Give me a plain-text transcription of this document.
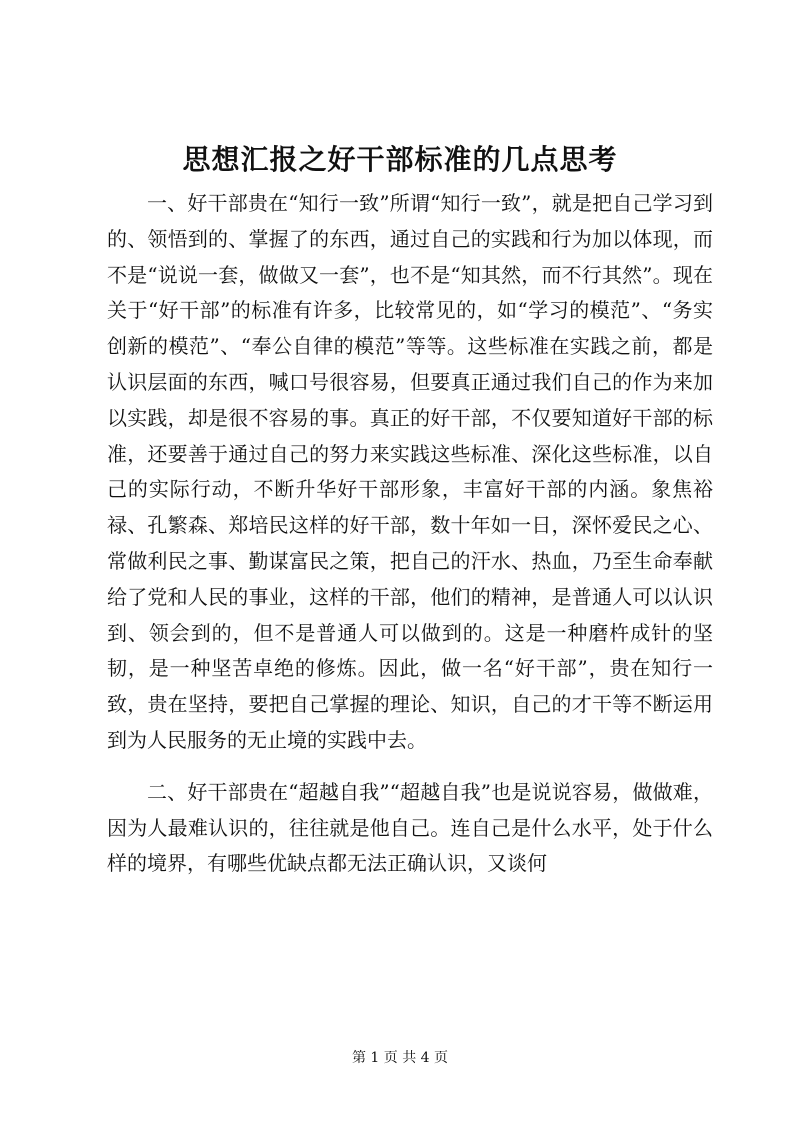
思想汇报之好干部标准的几点思考

一、好干部贵在“知行一致”所谓“知行一致”，就是把自己学习到的、领悟到的、掌握了的东西，通过自己的实践和行为加以体现，而不是“说说一套，做做又一套”，也不是“知其然，而不行其然”。现在关于“好干部”的标准有许多，比较常见的，如“学习的模范”、“务实创新的模范”、“奉公自律的模范”等等。这些标准在实践之前，都是认识层面的东西，喊口号很容易，但要真正通过我们自己的作为来加以实践，却是很不容易的事。真正的好干部，不仅要知道好干部的标准，还要善于通过自己的努力来实践这些标准、深化这些标准，以自己的实际行动，不断升华好干部形象，丰富好干部的内涵。象焦裕禄、孔繁森、郑培民这样的好干部，数十年如一日，深怀爱民之心、常做利民之事、勤谋富民之策，把自己的汗水、热血，乃至生命奉献给了党和人民的事业，这样的干部，他们的精神，是普通人可以认识到、领会到的，但不是普通人可以做到的。这是一种磨杵成针的坚韧，是一种坚苦卓绝的修炼。因此，做一名“好干部”，贵在知行一致，贵在坚持，要把自己掌握的理论、知识，自己的才干等不断运用到为人民服务的无止境的实践中去。

二、好干部贵在“超越自我”“超越自我”也是说说容易，做做难，因为人最难认识的，往往就是他自己。连自己是什么水平，处于什么样的境界，有哪些优缺点都无法正确认识，又谈何

第 1 页 共 4 页
